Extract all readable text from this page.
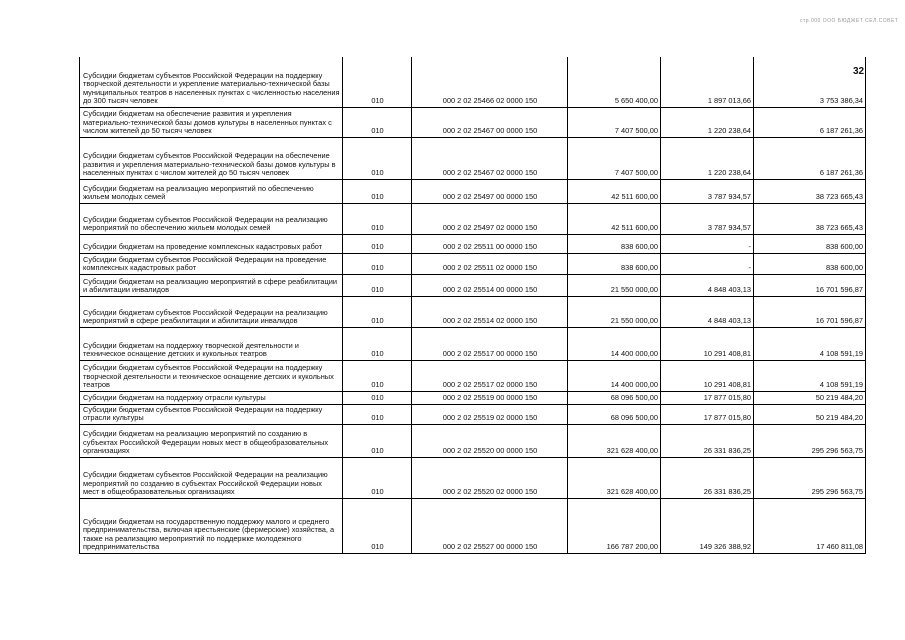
стр.000 ООО БЮДЖЕТ СЕЛ.СОВЕТ
32
Субсидии бюджетам субъектов Российской Федерации на поддержку творческой деятельности и укрепление материально-технической базы муниципальных театров в населенных пунктах с численностью населения до 300 тысяч человек	010	000 2 02 25466 02 0000 150	5 650 400,00	1 897 013,66	3 753 386,34
Субсидии бюджетам на обеспечение развития и укрепления материально-технической базы домов культуры в населенных пунктах с числом жителей до 50 тысяч человек	010	000 2 02 25467 00 0000 150	7 407 500,00	1 220 238,64	6 187 261,36
Субсидии бюджетам субъектов Российской Федерации на обеспечение развития и укрепления материально-технической базы домов культуры в населенных пунктах с числом жителей до 50 тысяч человек	010	000 2 02 25467 02 0000 150	7 407 500,00	1 220 238,64	6 187 261,36
Субсидии бюджетам на реализацию мероприятий по обеспечению жильем молодых семей	010	000 2 02 25497 00 0000 150	42 511 600,00	3 787 934,57	38 723 665,43
Субсидии бюджетам субъектов Российской Федерации на реализацию мероприятий по обеспечению жильем молодых семей	010	000 2 02 25497 02 0000 150	42 511 600,00	3 787 934,57	38 723 665,43
Субсидии бюджетам на проведение комплексных кадастровых работ	010	000 2 02 25511 00 0000 150	838 600,00	-	838 600,00
Субсидии бюджетам субъектов Российской Федерации на проведение комплексных кадастровых работ	010	000 2 02 25511 02 0000 150	838 600,00	-	838 600,00
Субсидии бюджетам на реализацию мероприятий в сфере реабилитации и абилитации инвалидов	010	000 2 02 25514 00 0000 150	21 550 000,00	4 848 403,13	16 701 596,87
Субсидии бюджетам субъектов Российской Федерации на реализацию мероприятий в сфере реабилитации и абилитации инвалидов	010	000 2 02 25514 02 0000 150	21 550 000,00	4 848 403,13	16 701 596,87
Субсидии бюджетам на поддержку творческой деятельности и техническое оснащение детских и кукольных театров	010	000 2 02 25517 00 0000 150	14 400 000,00	10 291 408,81	4 108 591,19
Субсидии бюджетам субъектов Российской Федерации на поддержку творческой деятельности и техническое оснащение детских и кукольных театров	010	000 2 02 25517 02 0000 150	14 400 000,00	10 291 408,81	4 108 591,19
Субсидии бюджетам на поддержку отрасли культуры	010	000 2 02 25519 00 0000 150	68 096 500,00	17 877 015,80	50 219 484,20
Субсидии бюджетам субъектов Российской Федерации на поддержку отрасли культуры	010	000 2 02 25519 02 0000 150	68 096 500,00	17 877 015,80	50 219 484,20
Субсидии бюджетам на реализацию мероприятий по созданию в субъектах Российской Федерации новых мест в общеобразовательных организациях	010	000 2 02 25520 00 0000 150	321 628 400,00	26 331 836,25	295 296 563,75
Субсидии бюджетам субъектов Российской Федерации на реализацию мероприятий по созданию в субъектах Российской Федерации новых мест в общеобразовательных организациях	010	000 2 02 25520 02 0000 150	321 628 400,00	26 331 836,25	295 296 563,75
Субсидии бюджетам на государственную поддержку малого и среднего предпринимательства, включая крестьянские (фермерские) хозяйства, а также на реализацию мероприятий по поддержке молодежного предпринимательства	010	000 2 02 25527 00 0000 150	166 787 200,00	149 326 388,92	17 460 811,08
